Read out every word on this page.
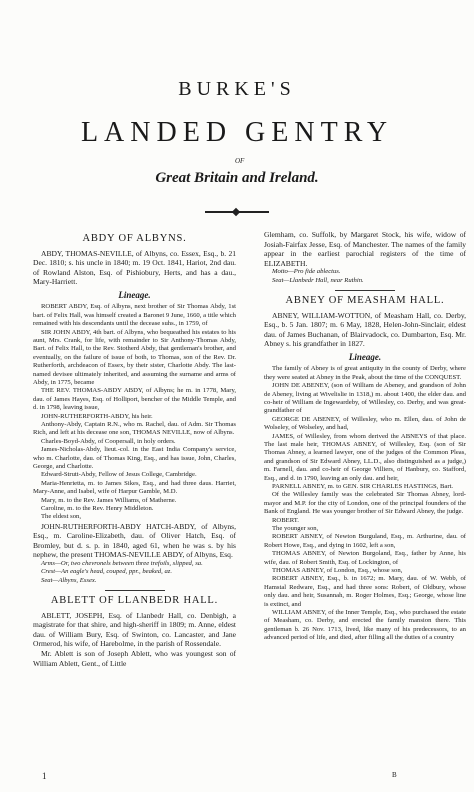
BURKE'S
LANDED GENTRY
OF
Great Britain and Ireland.

ABDY OF ALBYNS.

ABDY, THOMAS-NEVILLE, of Albyns, co. Essex, Esq., b. 21 Dec. 1810; s. his uncle in 1840; m. 19 Oct. 1841, Hariot, 2nd dau. of Rowland Alston, Esq. of Pishiobury, Herts, and has a dau., Mary-Harriett.

Lineage.

ROBERT ABDY, Esq. of Albyns, next brother of Sir Thomas Abdy, 1st bart. of Felix Hall, was himself created a Baronet 9 June, 1660, a title which remained with his descendants until the decease suhs., in 1759, of

SIR JOHN ABDY, 4th bart. of Albyns, who bequeathed his estates to his aunt, Mrs. Crank, for life, with remainder to Sir Anthony-Thomas Abdy, Bart. of Felix Hall, to the Rev. Stotherd Abdy, that gentleman's brother, and eventually, on the failure of issue of both, to Thomas, son of the Rev. Dr. Rutherforth, archdeacon of Essex, by their sister, Charlotte Abdy. The last-named devisee ultimately inherited, and assuming the surname and arms of Abdy, in 1775, became

THE REV. THOMAS-ABDY ABDY, of Albyns; he m. in 1778, Mary, dau. of James Hayes, Esq. of Holliport, bencher of the Middle Temple, and d. in 1798, leaving issue,

JOHN-RUTHERFORTH-ABDY, his heir.

Anthony-Abdy, Captain R.N., who m. Rachel, dau. of Adm. Sir Thomas Rich, and left at his decease one son, THOMAS NEVILLE, now of Albyns.

Charles-Boyd-Abdy, of Coopersall, in holy orders.

James-Nicholas-Abdy, lieut.-col. in the East India Company's service, who m. Charlotte, dau. of Thomas King, Esq., and has issue, John, Charles, George, and Charlotte.

Edward-Strutt-Abdy, Fellow of Jesus College, Cambridge.

Maria-Henrietta, m. to James Sikes, Esq., and had three daus. Harriet, Mary-Anne, and Isabel, wife of Harpur Gamble, M.D.

Mary, m. to the Rev. James Williams, of Matherne.

Caroline, m. to the Rev. Henry Middleton.

The eldest son,

JOHN-RUTHERFORTH-ABDY HATCH-ABDY, of Albyns, Esq., m. Caroline-Elizabeth, dau. of Oliver Hatch, Esq. of Bromley, but d. s. p. in 1840, aged 61, when he was s. by his nephew, the present THOMAS-NEVILLE ABDY, of Albyns, Esq.

Arms—Or, two chevronels between three trefoils, slipped, sa.

Crest—An eagle's head, couped, ppr., beaked, az.

Seat—Albyns, Essex.

ABLETT OF LLANBEDR HALL.

ABLETT, JOSEPH, Esq. of Llanbedr Hall, co. Denbigh, a magistrate for that shire, and high-sheriff in 1809; m. Anne, eldest dau. of William Bury, Esq. of Swinton, co. Lancaster, and Jane Ormerod, his wife, of Harebolme, in the parish of Rossendale.

Mr. Ablett is son of Joseph Ablett, who was youngest son of William Ablett, Gent., of Little

Glemham, co. Suffolk, by Margaret Stock, his wife, widow of Josiah-Fairfax Jesse, Esq. of Manchester. The names of the family appear in the earliest parochial registers of the time of ELIZABETH.

Motto—Pro fide ablectus.

Seat—Llanbedr Hall, near Ruthin.

ABNEY OF MEASHAM HALL.

ABNEY, WILLIAM-WOTTON, of Measham Hall, co. Derby, Esq., b. 5 Jan. 1807; m. 6 May, 1828, Helen-John-Sinclair, eldest dau. of James Buchanan, of Blairvadock, co. Dumbarton, Esq. Mr. Abney s. his grandfather in 1827.

Lineage.

The family of Abney is of great antiquity in the county of Derby, where they were seated at Abney in the Peak, about the time of the CONQUEST.

JOHN DE ABENEY, (son of William de Abeney, and grandson of John de Abeney, living at Wivelislie in 1318,) m. about 1400, the elder dau. and co-heir of William de Ingewardeby, of Willesley, co. Derby, and was great-grandfather of

GEORGE DE ABENEY, of Willesley, who m. Ellen, dau. of John de Wolseley, of Wolseley, and had,

JAMES, of Willesley, from whom derived the ABNEYS of that place. The last male heir, THOMAS ABNEY, of Willesley, Esq. (son of Sir Thomas Abney, a learned lawyer, one of the judges of the Common Pleas, and grandson of Sir Edward Abney, LL.D., also distinguished as a judge,) m. Farnell, dau. and co-heir of George Villiers, of Hanbury, co. Stafford, Esq., and d. in 1790, leaving an only dau. and heir,

PARNELL ABNEY, m. to GEN. SIR CHARLES HASTINGS, Bart.

Of the Willesley family was the celebrated Sir Thomas Abney, lord-mayor and M.P. for the city of London, one of the principal founders of the Bank of England. He was younger brother of Sir Edward Abney, the judge.

ROBERT.

The younger son,

ROBERT ABNEY, of Newton Burguland, Esq., m. Arthurine, dau. of Robert Howe, Esq., and dying in 1602, left a son,

THOMAS ABNEY, of Newton Burgoland, Esq., father by Anne, his wife, dau. of Robert Smith, Esq. of Lockington, of

THOMAS ABNEY, of London, Esq., whose son,

ROBERT ABNEY, Esq., b. in 1672; m. Mary, dau. of W. Webb, of Hamstal Redware, Esq., and had three sons: Robert, of Oldbury, whose only dau. and heir, Susannah, m. Roger Holmes, Esq.; George, whose line is extinct, and

WILLIAM ABNEY, of the Inner Temple, Esq., who purchased the estate of Measham, co. Derby, and erected the family mansion there. This gentleman b. 26 Nov. 1713, lived, like many of his predecessors, to an advanced period of life, and died, after filling all the duties of a country

1	B
